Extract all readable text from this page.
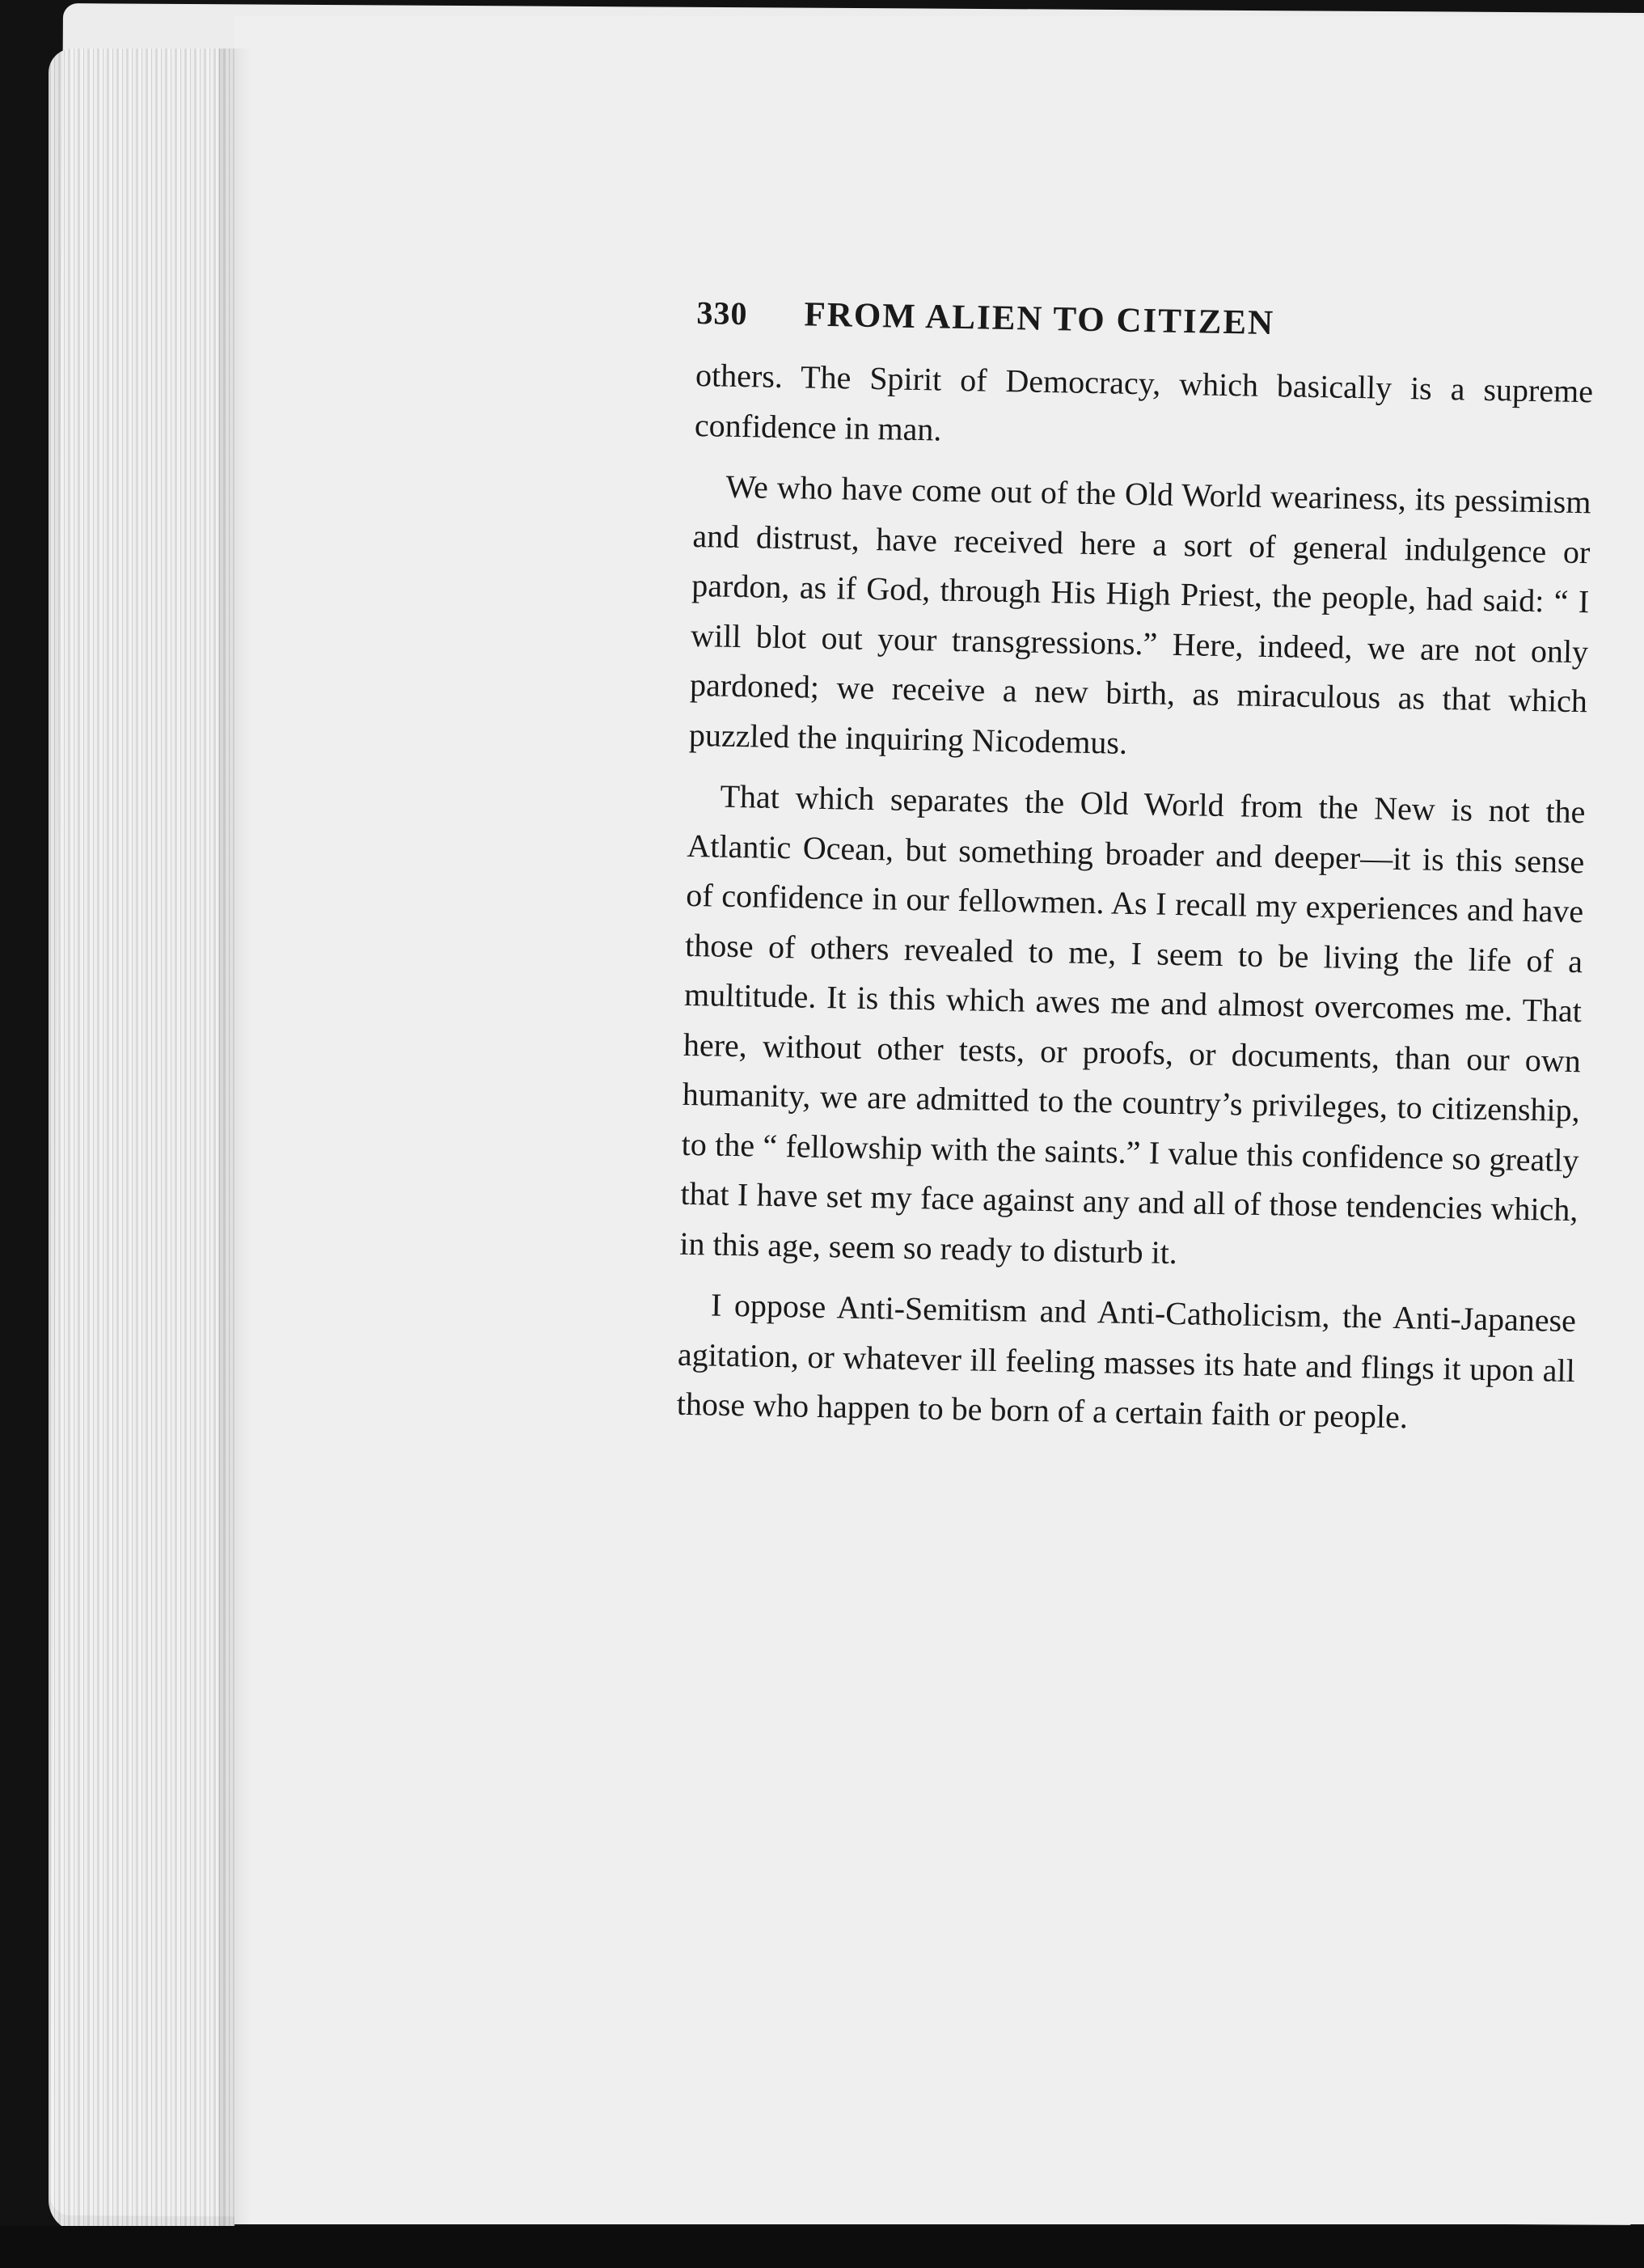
330 FROM ALIEN TO CITIZEN

others. The Spirit of Democracy, which basically is a supreme confidence in man.

We who have come out of the Old World weariness, its pessimism and distrust, have received here a sort of general indulgence or pardon, as if God, through His High Priest, the people, had said: “ I will blot out your transgressions.” Here, indeed, we are not only pardoned; we receive a new birth, as miraculous as that which puzzled the inquiring Nicodemus.

That which separates the Old World from the New is not the Atlantic Ocean, but something broader and deeper—it is this sense of confidence in our fellowmen. As I recall my experiences and have those of others revealed to me, I seem to be living the life of a multitude. It is this which awes me and almost overcomes me. That here, without other tests, or proofs, or documents, than our own humanity, we are admitted to the country’s privileges, to citizenship, to the “ fellowship with the saints.” I value this confidence so greatly that I have set my face against any and all of those tendencies which, in this age, seem so ready to disturb it.

I oppose Anti-Semitism and Anti-Catholicism, the Anti-Japanese agitation, or whatever ill feeling masses its hate and flings it upon all those who happen to be born of a certain faith or people.
